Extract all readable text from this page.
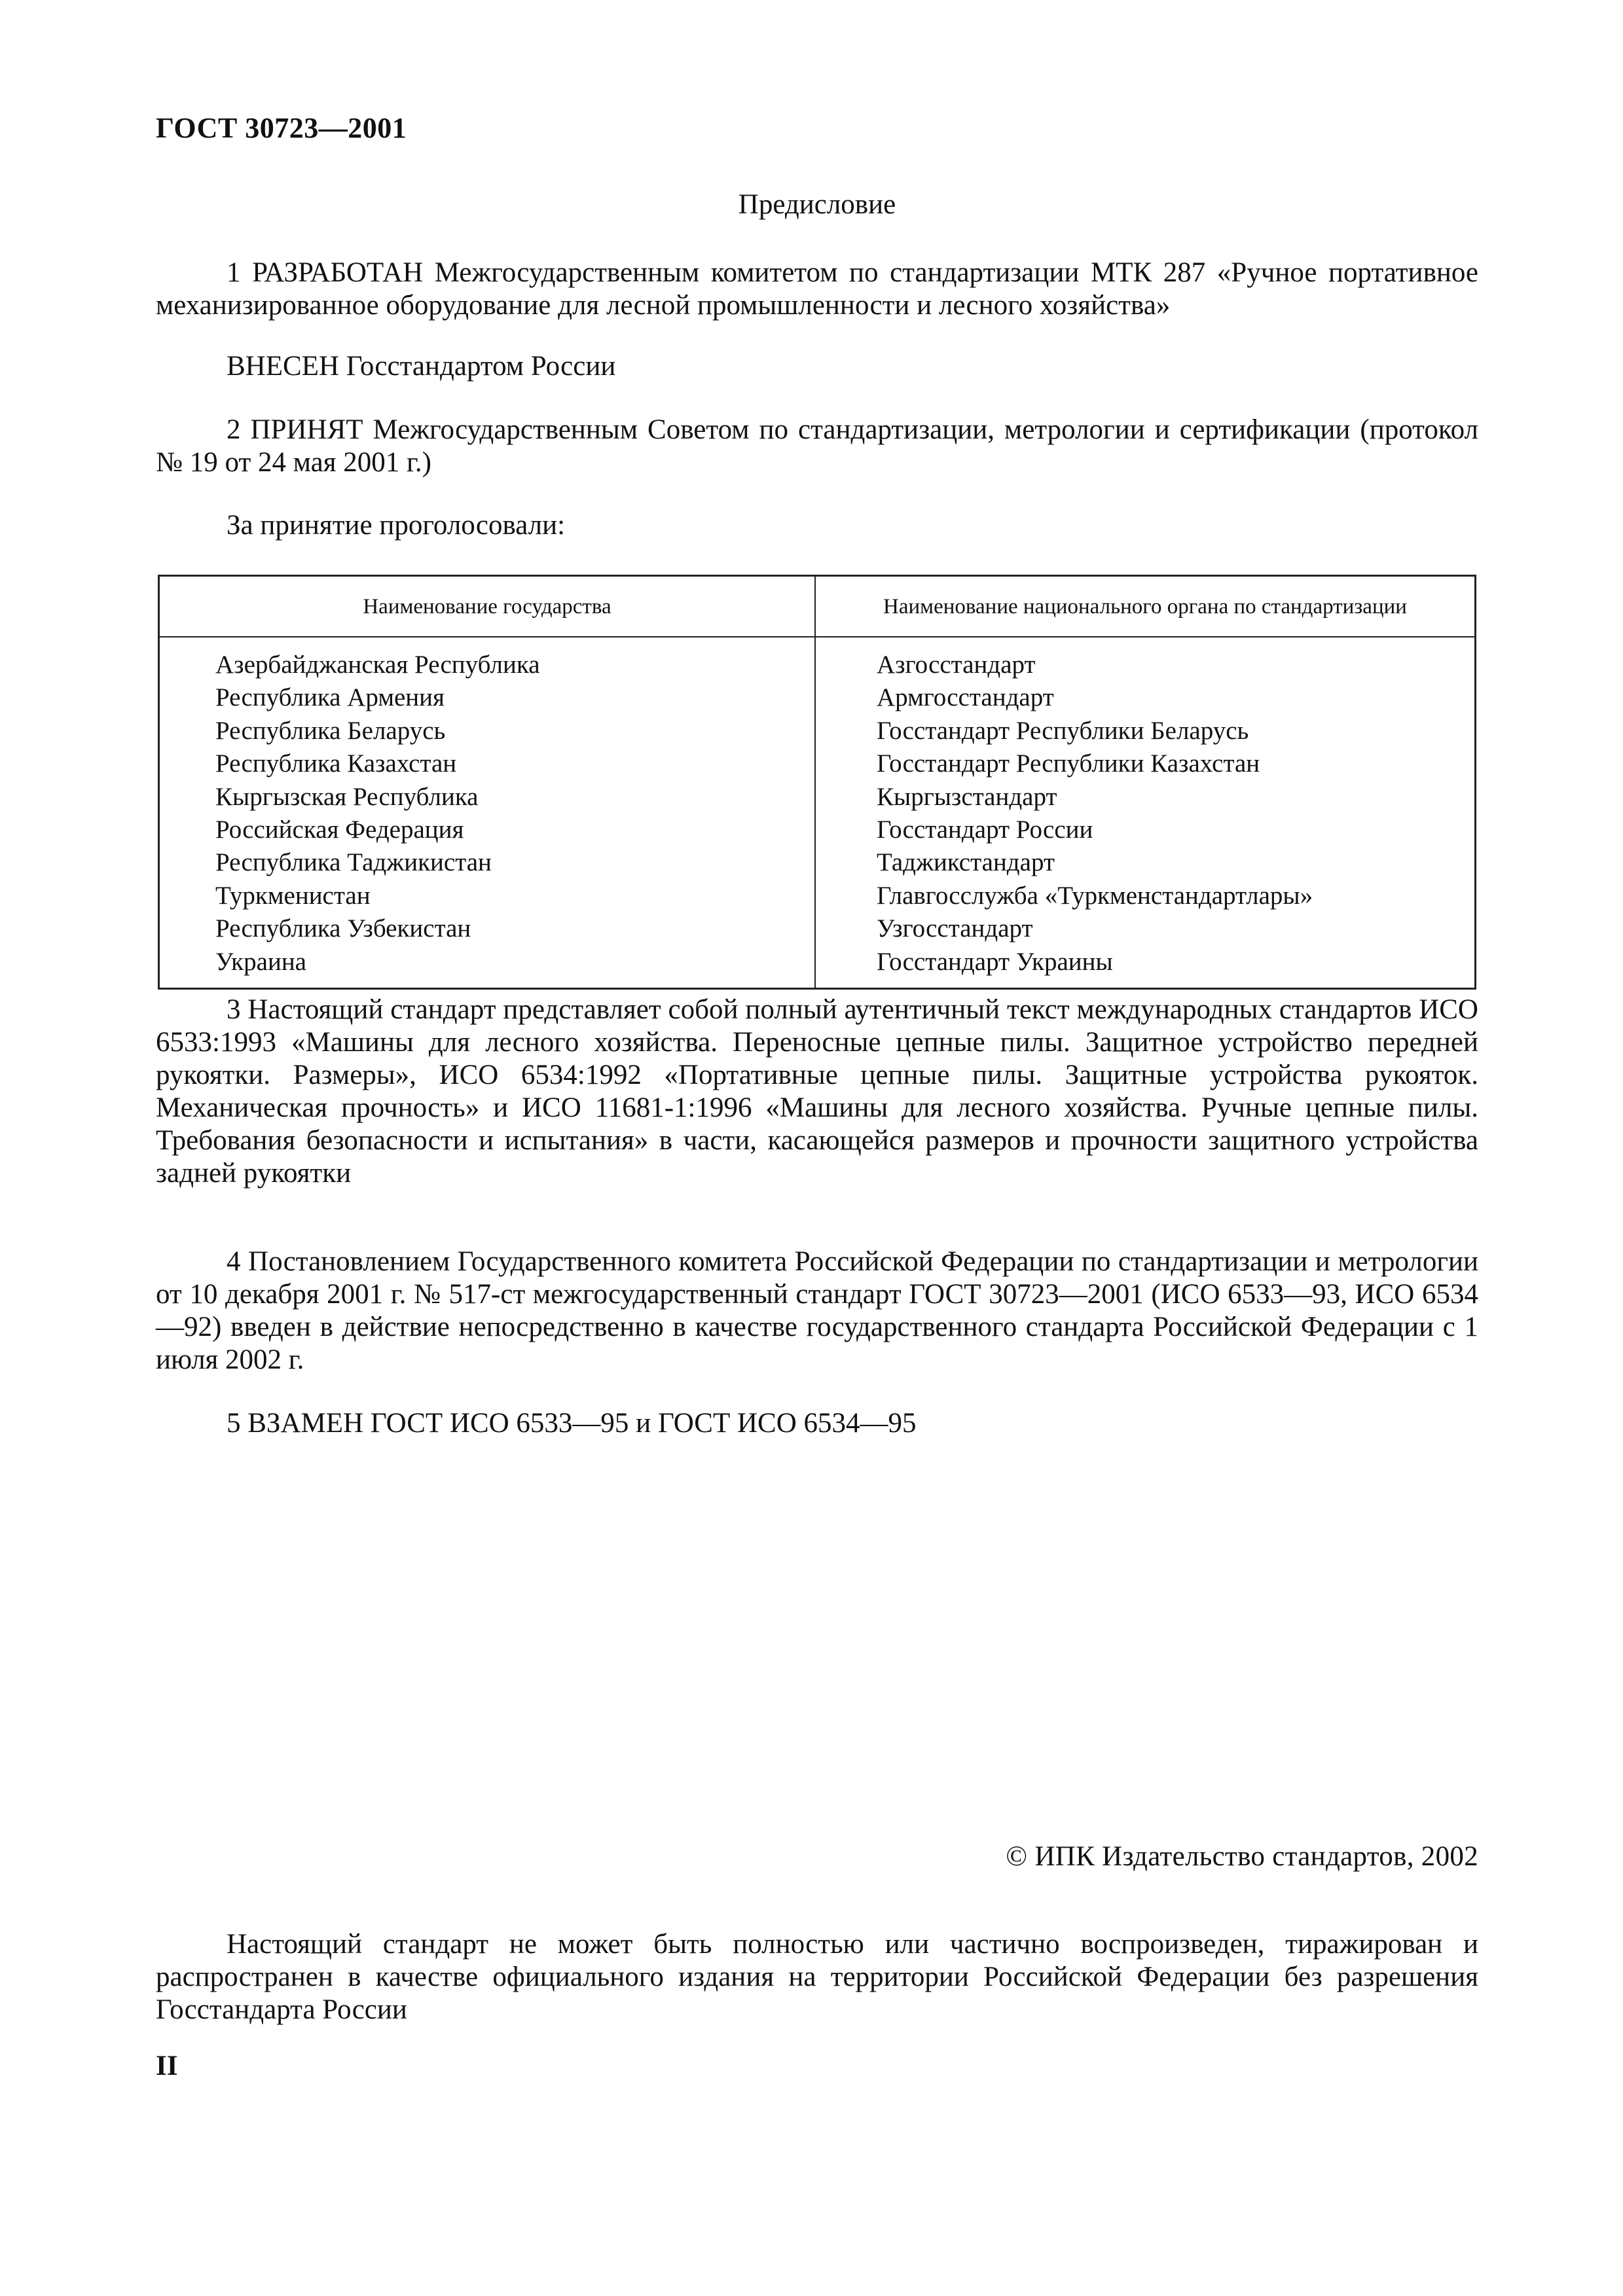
ГОСТ 30723—2001
Предисловие

1 РАЗРАБОТАН Межгосударственным комитетом по стандартизации МТК 287 «Ручное портативное механизированное оборудование для лесной промышленности и лесного хозяйства»

ВНЕСЕН Госстандартом России

2 ПРИНЯТ Межгосударственным Советом по стандартизации, метрологии и сертификации (протокол № 19 от 24 мая 2001 г.)

За принятие проголосовали:

Наименование государства	Наименование национального органа по стандартизации
Азербайджанская Республика
Республика Армения
Республика Беларусь
Республика Казахстан
Кыргызская Республика
Российская Федерация
Республика Таджикистан
Туркменистан
Республика Узбекистан
Украина
Азгосстандарт
Армгосстандарт
Госстандарт Республики Беларусь
Госстандарт Республики Казахстан
Кыргызстандарт
Госстандарт России
Таджикстандарт
Главгосслужба «Туркменстандартлары»
Узгосстандарт
Госстандарт Украины

3 Настоящий стандарт представляет собой полный аутентичный текст международных стандартов ИСО 6533:1993 «Машины для лесного хозяйства. Переносные цепные пилы. Защитное устройство передней рукоятки. Размеры», ИСО 6534:1992 «Портативные цепные пилы. Защитные устройства рукояток. Механическая прочность» и ИСО 11681-1:1996 «Машины для лесного хозяйства. Ручные цепные пилы. Требования безопасности и испытания» в части, касающейся размеров и прочности защитного устройства задней рукоятки

4 Постановлением Государственного комитета Российской Федерации по стандартизации и метрологии от 10 декабря 2001 г. № 517-ст межгосударственный стандарт ГОСТ 30723—2001 (ИСО 6533—93, ИСО 6534—92) введен в действие непосредственно в качестве государственного стандарта Российской Федерации с 1 июля 2002 г.

5 ВЗАМЕН ГОСТ ИСО 6533—95 и ГОСТ ИСО 6534—95

© ИПК Издательство стандартов, 2002

Настоящий стандарт не может быть полностью или частично воспроизведен, тиражирован и распространен в качестве официального издания на территории Российской Федерации без разрешения Госстандарта России

II
